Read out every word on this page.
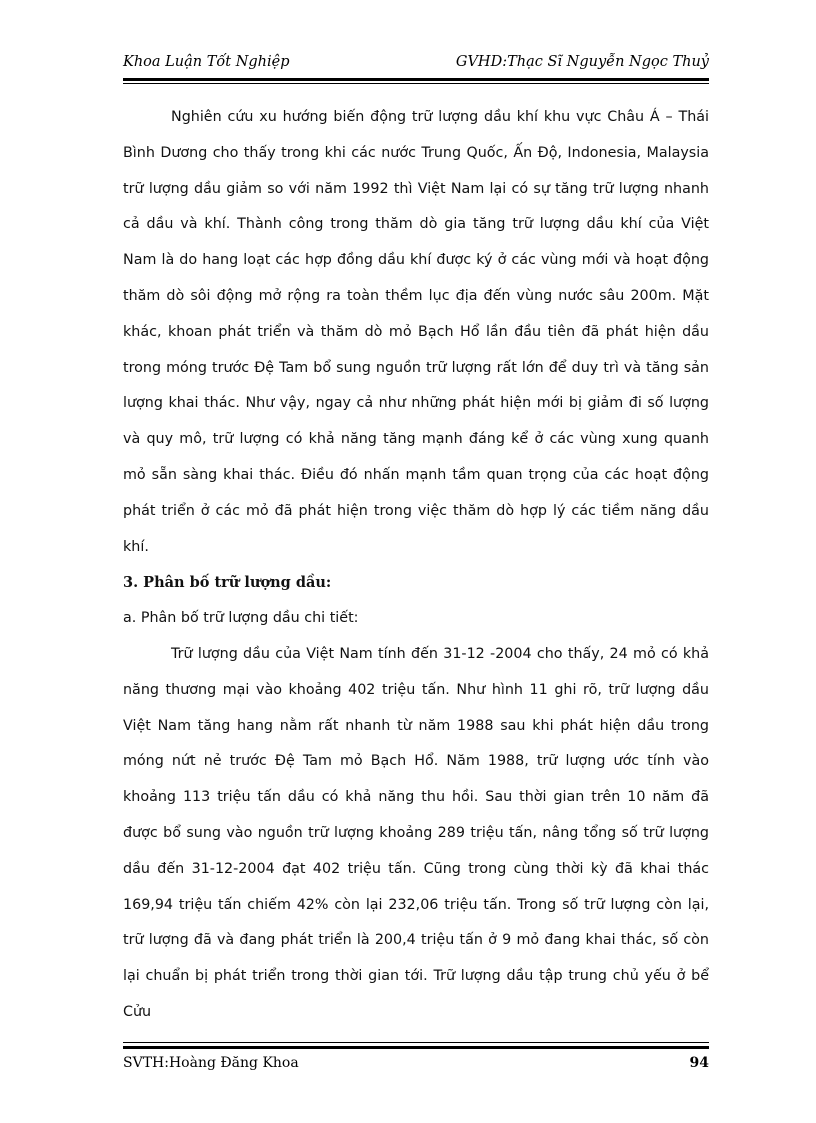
Khoa Luận Tốt Nghiệp	GVHD:Thạc Sĩ Nguyễn Ngọc Thuỷ

Nghiên cứu xu hướng biến động trữ lượng dầu khí khu vực Châu Á – Thái Bình Dương cho thấy trong khi các nước Trung Quốc, Ấn Độ, Indonesia, Malaysia trữ lượng dầu giảm so với năm 1992 thì Việt Nam lại có sự tăng trữ lượng nhanh cả dầu và khí. Thành công trong thăm dò gia tăng trữ lượng dầu khí của Việt Nam là do hang loạt các hợp đồng dầu khí được ký ở các vùng mới và hoạt động thăm dò sôi động mở rộng ra toàn thềm lục địa đến vùng nước sâu 200m. Mặt khác, khoan phát triển và thăm dò mỏ Bạch Hổ lần đầu tiên đã phát hiện dầu trong móng trước Đệ Tam bổ sung nguồn trữ lượng rất lớn để duy trì và tăng sản lượng khai thác. Như vậy, ngay cả như những phát hiện mới bị giảm đi số lượng và quy mô, trữ lượng có khả năng tăng mạnh đáng kể ở các vùng xung quanh mỏ sẵn sàng khai thác. Điều đó nhấn mạnh tầm quan trọng của các hoạt động phát triển ở các mỏ đã phát hiện trong việc thăm dò hợp lý các tiềm năng dầu khí.

3. Phân bố trữ lượng dầu:

a. Phân bố trữ lượng dầu chi tiết:

Trữ lượng dầu của Việt Nam tính đến 31-12 -2004 cho thấy, 24 mỏ có khả năng thương mại vào khoảng 402 triệu tấn. Như hình 11 ghi rõ, trữ lượng dầu Việt Nam tăng hang nằm rất nhanh từ năm 1988 sau khi phát hiện dầu trong móng nứt nẻ trước Đệ Tam mỏ Bạch Hổ. Năm 1988, trữ lượng ước tính vào khoảng 113 triệu tấn dầu có khả năng thu hồi. Sau thời gian trên 10 năm đã được bổ sung vào nguồn trữ lượng khoảng 289 triệu tấn, nâng tổng số trữ lượng dầu đến 31-12-2004 đạt 402 triệu tấn. Cũng trong cùng thời kỳ đã khai thác 169,94 triệu tấn chiếm 42% còn lại 232,06 triệu tấn. Trong số trữ lượng còn lại, trữ lượng đã và đang phát triển là 200,4 triệu tấn ở 9 mỏ đang khai thác, số còn lại chuẩn bị phát triển trong thời gian tới. Trữ lượng dầu tập trung chủ yếu ở bể Cửu

SVTH:Hoàng Đăng Khoa	94
